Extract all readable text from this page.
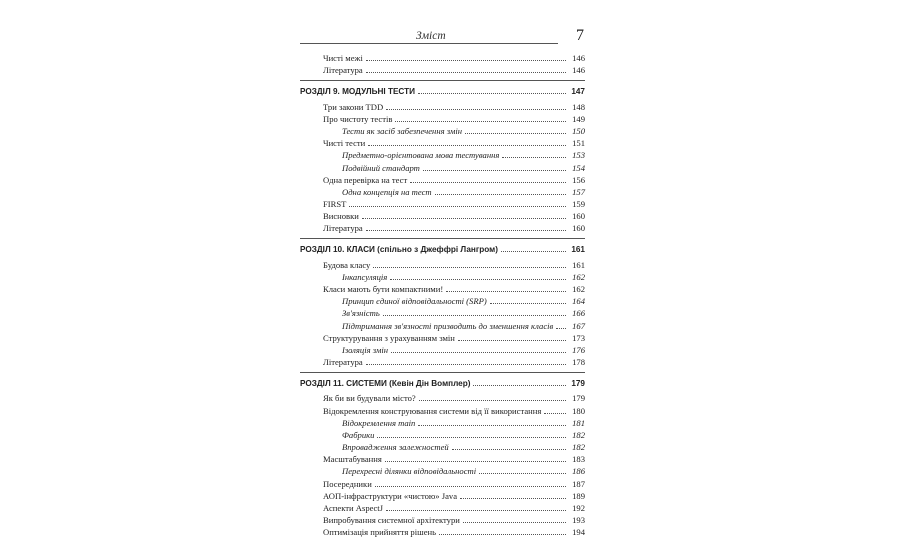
Зміст	7
Чисті межі	146
Література	146
РОЗДІЛ 9. МОДУЛЬНІ ТЕСТИ	147
Три закони TDD	148
Про чистоту тестів	149
Тести як засіб забезпечення змін	150
Чисті тести	151
Предметно-орієнтована мова тестування	153
Подвійний стандарт	154
Одна перевірка на тест	156
Одна концепція на тест	157
FIRST	159
Висновки	160
Література	160
РОЗДІЛ 10. КЛАСИ (спільно з Джеффрі Лангром)	161
Будова класу	161
Інкапсуляція	162
Класи мають бути компактними!	162
Принцип єдиної відповідальності (SRP)	164
Зв'язність	166
Підтримання зв'язності призводить до зменшення класів	167
Структурування з урахуванням змін	173
Ізоляція змін	176
Література	178
РОЗДІЛ 11. СИСТЕМИ (Кевін Дін Вомплер)	179
Як би ви будували місто?	179
Відокремлення конструювання системи від її використання	180
Відокремлення main	181
Фабрики	182
Впровадження залежностей	182
Масштабування	183
Перехресні ділянки відповідальності	186
Посередники	187
АОП-інфраструктури «чистою» Java	189
Аспекти AspectJ	192
Випробування системної архітектури	193
Оптимізація прийняття рішень	194
